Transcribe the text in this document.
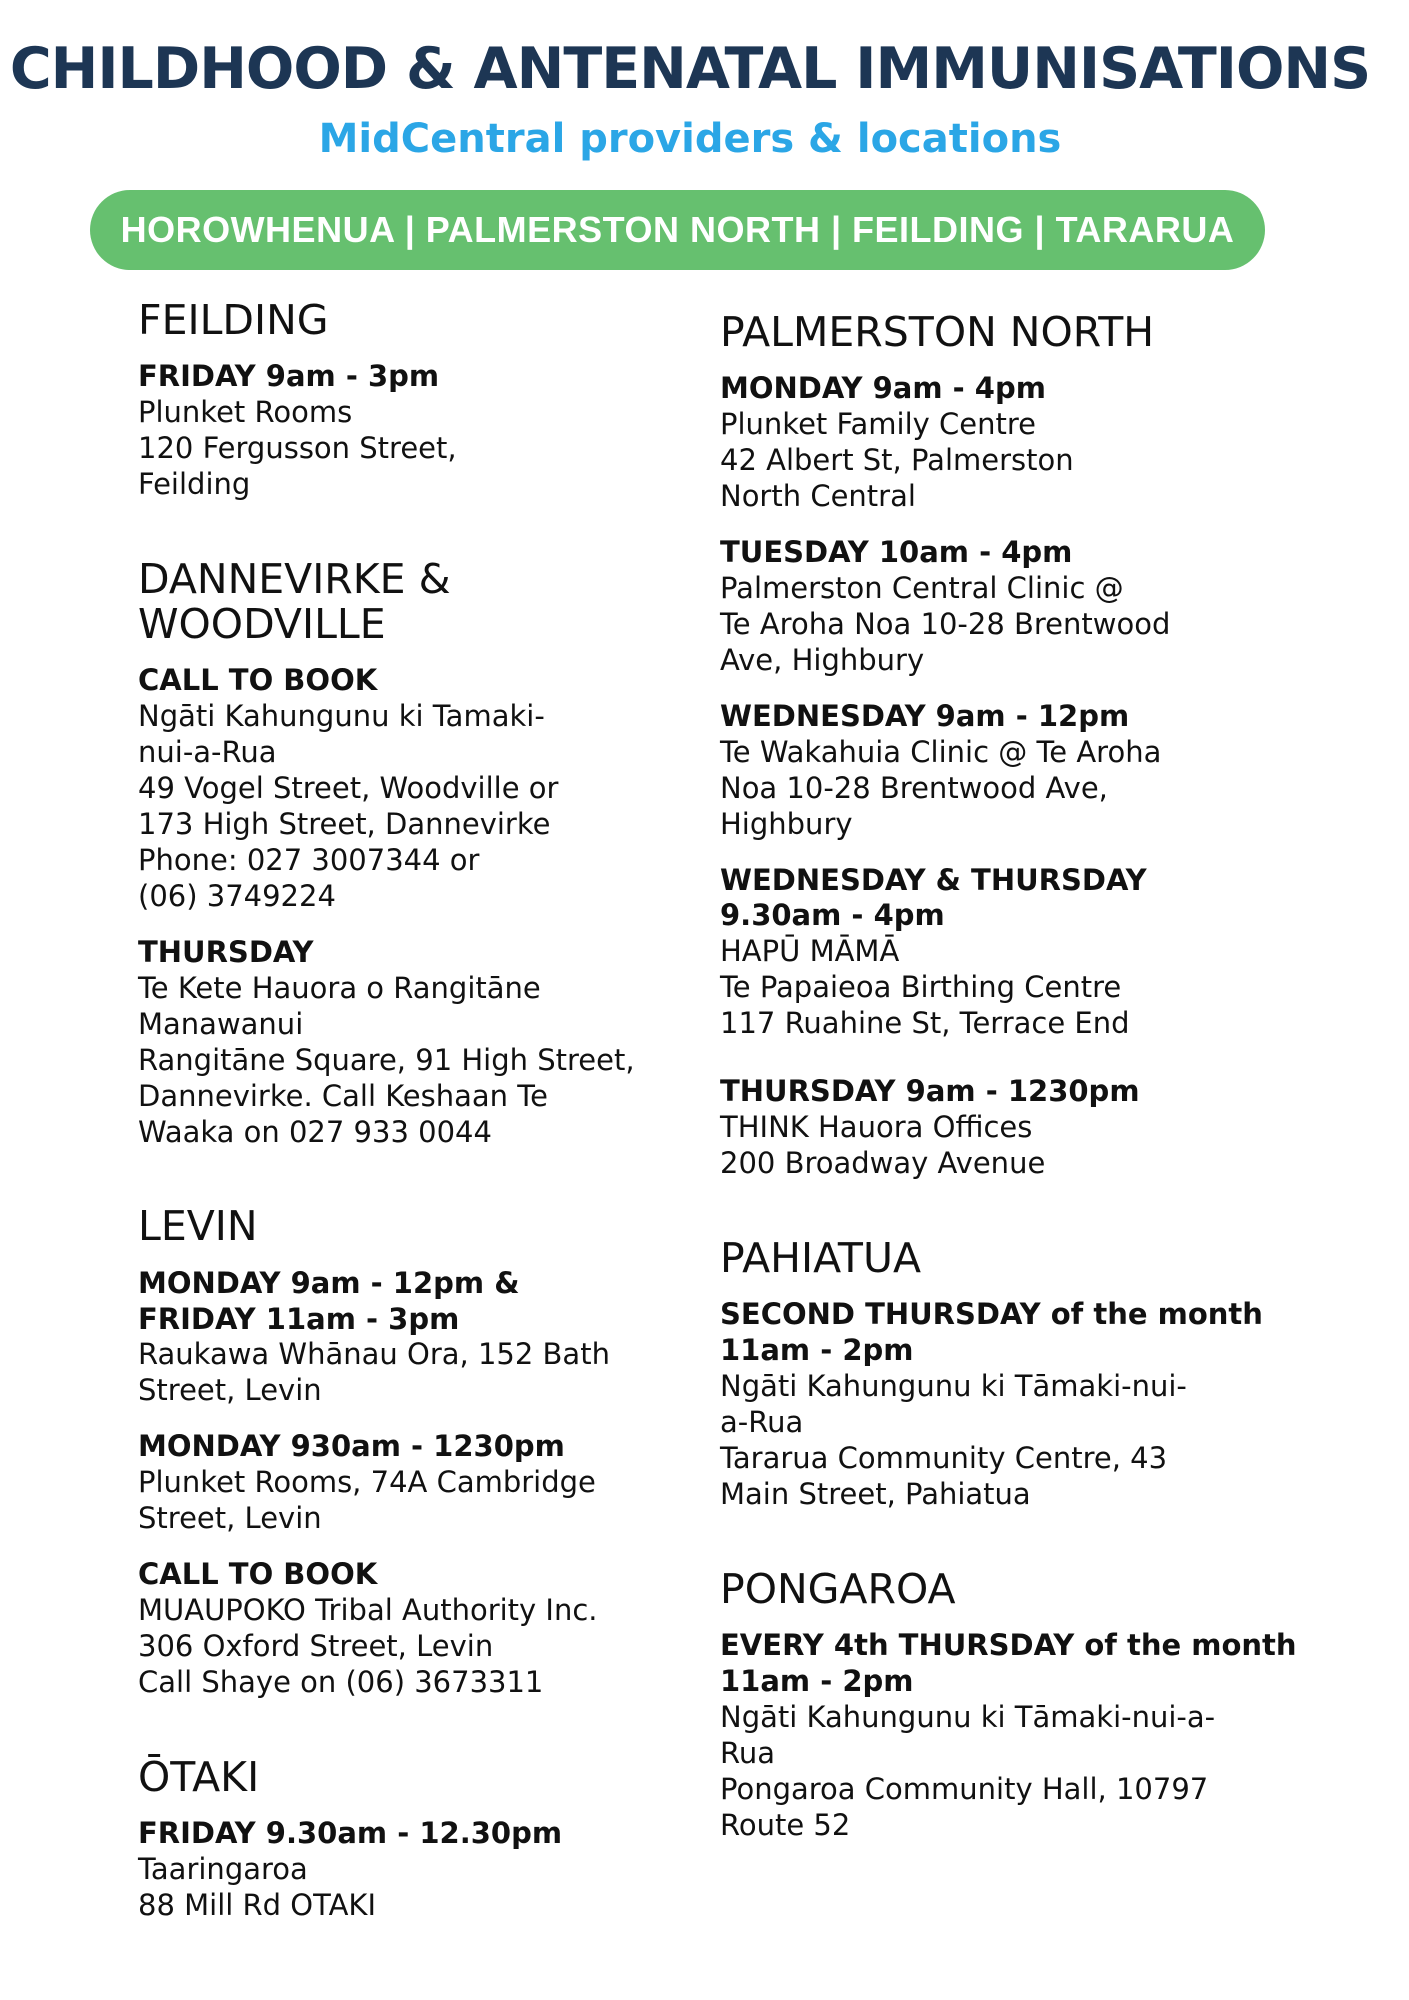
CHILDHOOD & ANTENATAL IMMUNISATIONS
MidCentral providers & locations
HOROWHENUA | PALMERSTON NORTH | FEILDING | TARARUA
FEILDING

FRIDAY 9am - 3pm

Plunket Rooms

120 Fergusson Street,

Feilding

DANNEVIRKE &
WOODVILLE

CALL TO BOOK

Ngāti Kahungunu ki Tamaki-

nui-a-Rua

49 Vogel Street, Woodville or

173 High Street, Dannevirke

Phone: 027 3007344 or

(06) 3749224

THURSDAY

Te Kete Hauora o Rangitāne

Manawanui

Rangitāne Square, 91 High Street,

Dannevirke. Call Keshaan Te

Waaka on 027 933 0044

LEVIN

MONDAY 9am - 12pm &

FRIDAY 11am - 3pm

Raukawa Whānau Ora, 152 Bath

Street, Levin

MONDAY 930am - 1230pm

Plunket Rooms, 74A Cambridge

Street, Levin

CALL TO BOOK

MUAUPOKO Tribal Authority Inc.

306 Oxford Street, Levin

Call Shaye on (06) 3673311

ŌTAKI

FRIDAY 9.30am - 12.30pm

Taaringaroa

88 Mill Rd OTAKI

PALMERSTON NORTH

MONDAY 9am - 4pm

Plunket Family Centre

42 Albert St, Palmerston

North Central

TUESDAY 10am - 4pm

Palmerston Central Clinic @

Te Aroha Noa 10-28 Brentwood

Ave, Highbury

WEDNESDAY 9am - 12pm

Te Wakahuia Clinic @ Te Aroha

Noa 10-28 Brentwood Ave,

Highbury

WEDNESDAY & THURSDAY

9.30am - 4pm

HAPŪ MĀMĀ

Te Papaieoa Birthing Centre

117 Ruahine St, Terrace End

THURSDAY 9am - 1230pm

THINK Hauora Offices

200 Broadway Avenue

PAHIATUA

SECOND THURSDAY of the month

11am - 2pm

Ngāti Kahungunu ki Tāmaki-nui-

a-Rua

Tararua Community Centre, 43

Main Street, Pahiatua

PONGAROA

EVERY 4th THURSDAY of the month

11am - 2pm

Ngāti Kahungunu ki Tāmaki-nui-a-

Rua

Pongaroa Community Hall, 10797

Route 52
